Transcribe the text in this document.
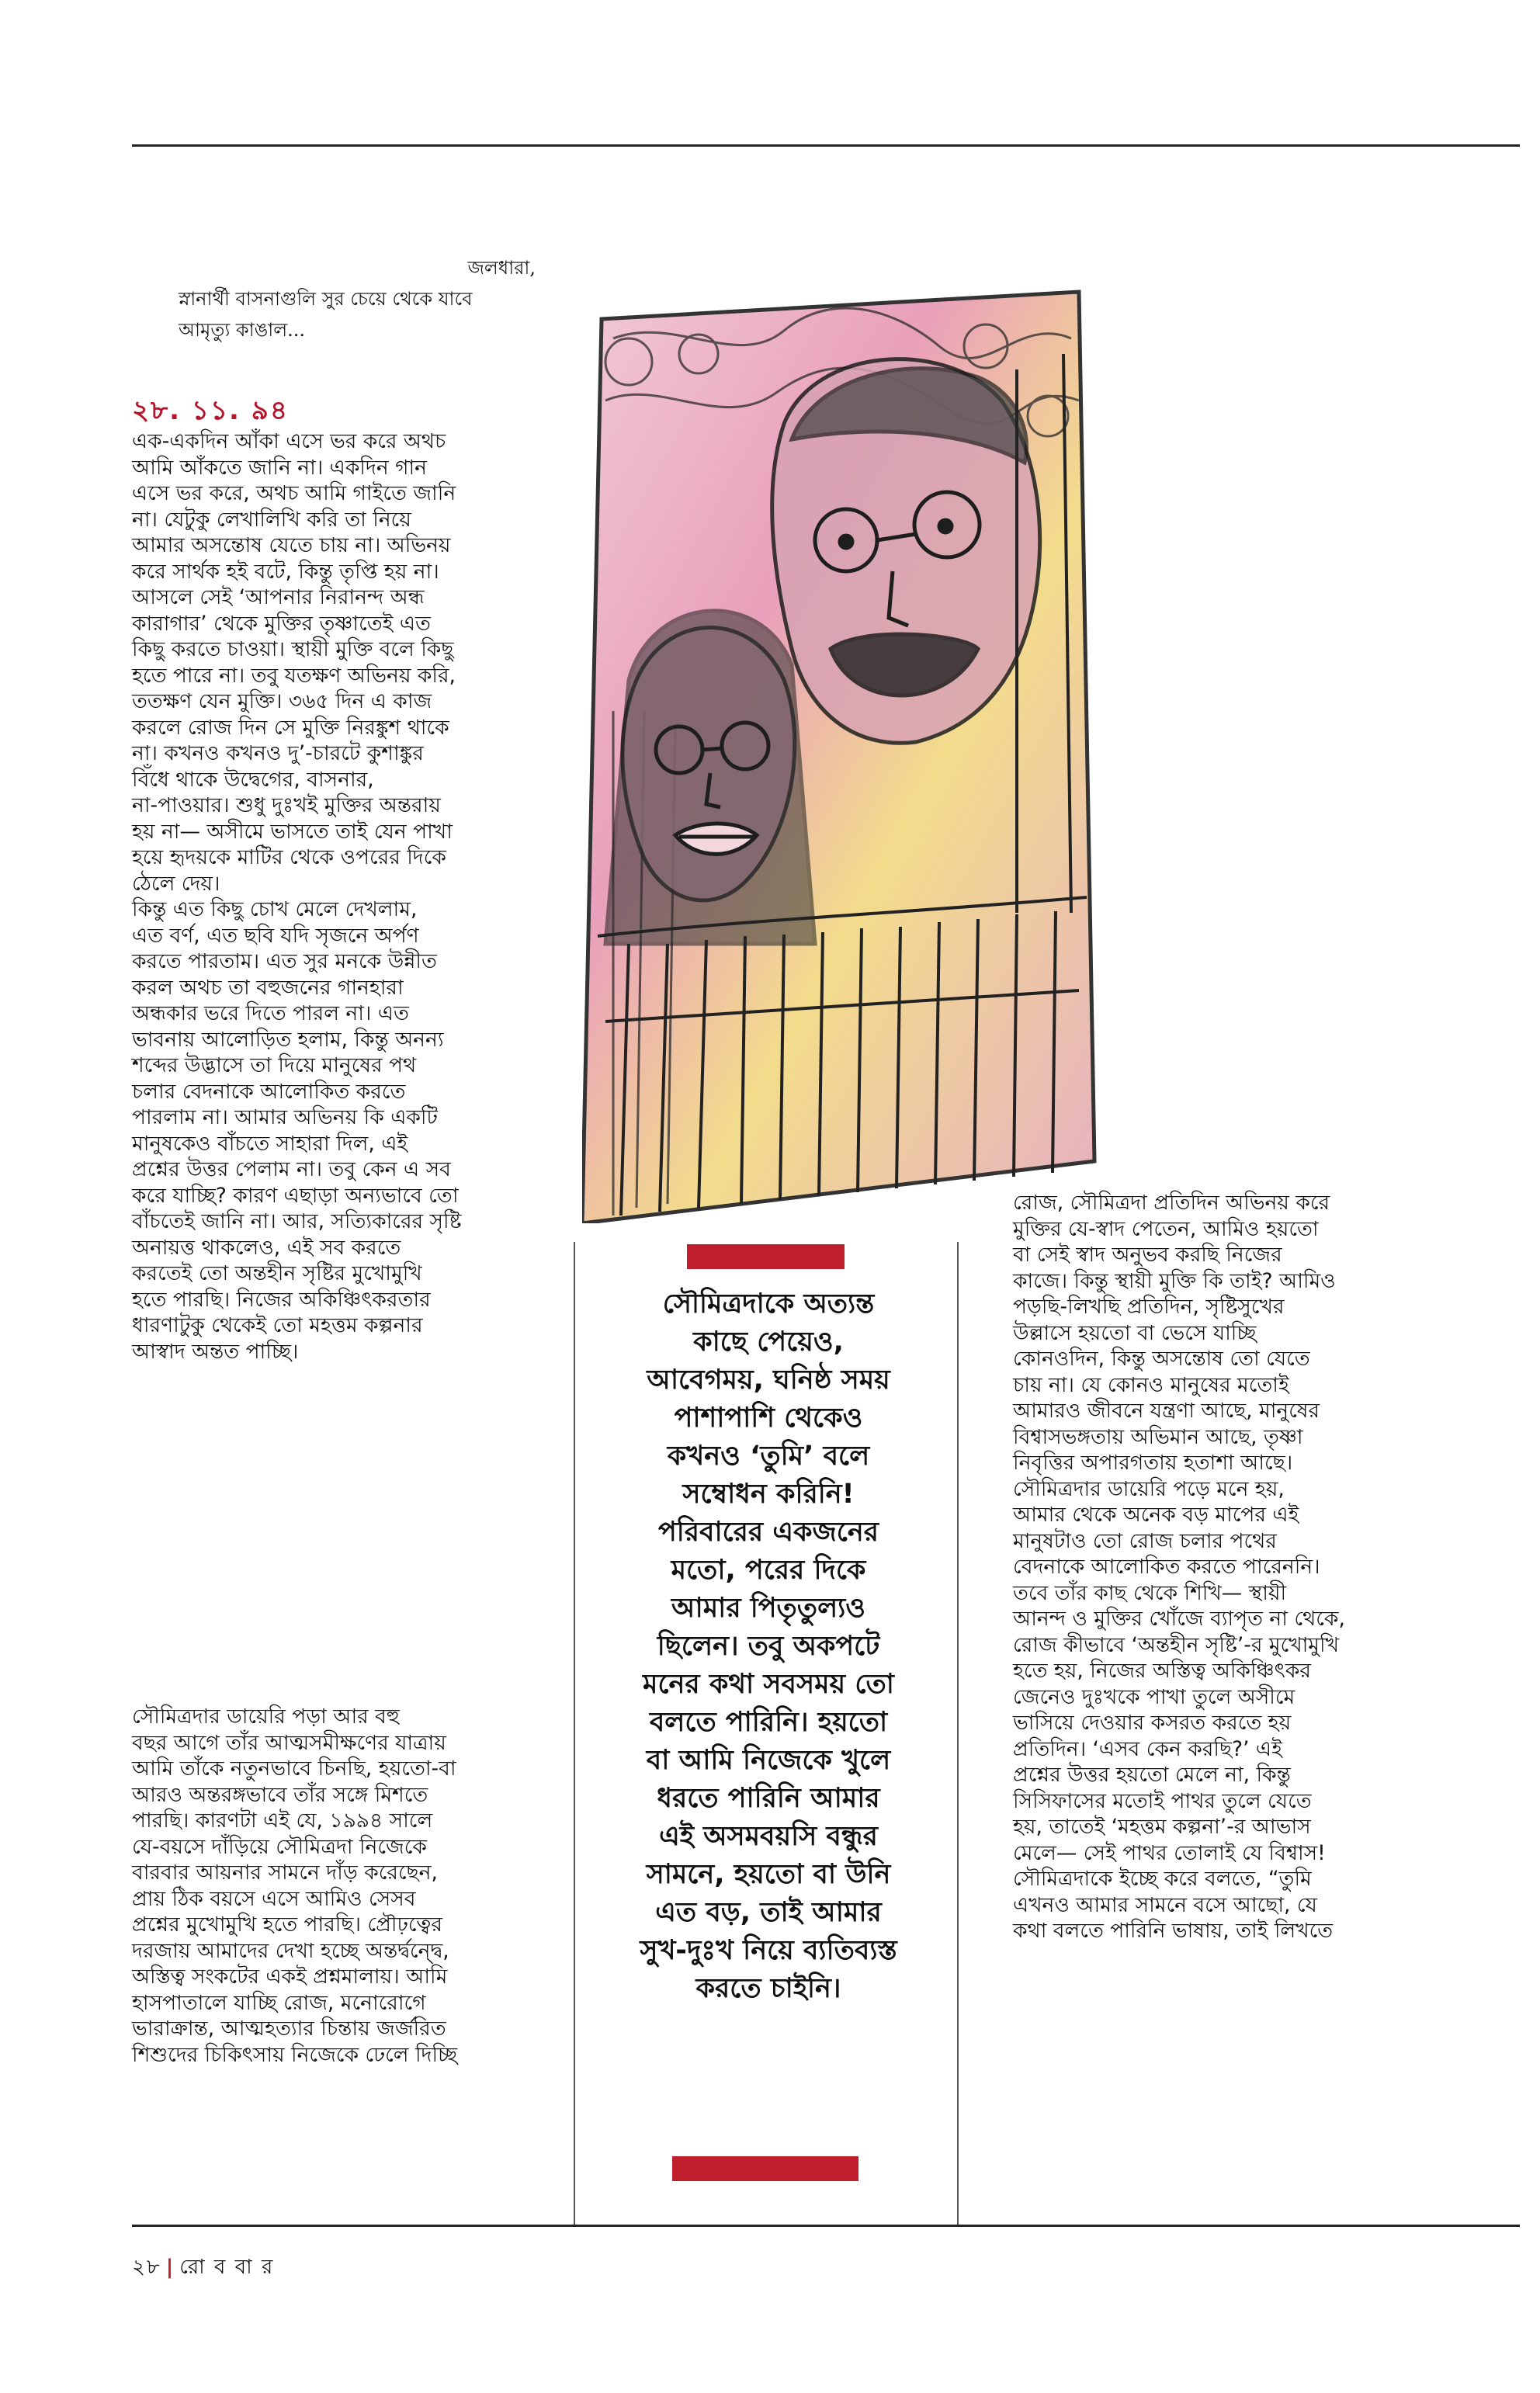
জলধারা,

স্নানার্থী বাসনাগুলি সুর চেয়ে থেকে যাবে

আমৃত্যু কাঙাল...

২৮. ১১. ৯৪

এক-একদিন আঁকা এসে ভর করে অথচ

আমি আঁকতে জানি না। একদিন গান

এসে ভর করে, অথচ আমি গাইতে জানি

না। যেটুকু লেখালিখি করি তা নিয়ে

আমার অসন্তোষ যেতে চায় না। অভিনয়

করে সার্থক হই বটে, কিন্তু তৃপ্তি হয় না।

আসলে সেই ‘আপনার নিরানন্দ অন্ধ

কারাগার’ থেকে মুক্তির তৃষ্ণাতেই এত

কিছু করতে চাওয়া। স্থায়ী মুক্তি বলে কিছু

হতে পারে না। তবু যতক্ষণ অভিনয় করি,

ততক্ষণ যেন মুক্তি। ৩৬৫ দিন এ কাজ

করলে রোজ দিন সে মুক্তি নিরঙ্কুশ থাকে

না। কখনও কখনও দু’-চারটে কুশাঙ্কুর

বিঁধে থাকে উদ্বেগের, বাসনার,

না-পাওয়ার। শুধু দুঃখই মুক্তির অন্তরায়

হয় না— অসীমে ভাসতে তাই যেন পাখা

হয়ে হৃদয়কে মাটির থেকে ওপরের দিকে

ঠেলে দেয়।

কিন্তু এত কিছু চোখ মেলে দেখলাম,

এত বর্ণ, এত ছবি যদি সৃজনে অর্পণ

করতে পারতাম। এত সুর মনকে উন্নীত

করল অথচ তা বহুজনের গানহারা

অন্ধকার ভরে দিতে পারল না। এত

ভাবনায় আলোড়িত হলাম, কিন্তু অনন্য

শব্দের উদ্ভাসে তা দিয়ে মানুষের পথ

চলার বেদনাকে আলোকিত করতে

পারলাম না। আমার অভিনয় কি একটি

মানুষকেও বাঁচতে সাহারা দিল, এই

প্রশ্নের উত্তর পেলাম না। তবু কেন এ সব

করে যাচ্ছি? কারণ এছাড়া অন্যভাবে তো

বাঁচতেই জানি না। আর, সত্যিকারের সৃষ্টি

অনায়ত্ত থাকলেও, এই সব করতে

করতেই তো অন্তহীন সৃষ্টির মুখোমুখি

হতে পারছি। নিজের অকিঞ্চিৎকরতার

ধারণাটুকু থেকেই তো মহত্তম কল্পনার

আস্বাদ অন্তত পাচ্ছি।

সৌমিত্রদার ডায়েরি পড়া আর বহু

বছর আগে তাঁর আত্মসমীক্ষণের যাত্রায়

আমি তাঁকে নতুনভাবে চিনছি, হয়তো-বা

আরও অন্তরঙ্গভাবে তাঁর সঙ্গে মিশতে

পারছি। কারণটা এই যে, ১৯৯৪ সালে

যে-বয়সে দাঁড়িয়ে সৌমিত্রদা নিজেকে

বারবার আয়নার সামনে দাঁড় করেছেন,

প্রায় ঠিক বয়সে এসে আমিও সেসব

প্রশ্নের মুখোমুখি হতে পারছি। প্রৌঢ়ত্বের

দরজায় আমাদের দেখা হচ্ছে অন্তর্দ্বন্দ্বে,

অস্তিত্ব সংকটের একই প্রশ্নমালায়। আমি

হাসপাতালে যাচ্ছি রোজ, মনোরোগে

ভারাক্রান্ত, আত্মহত্যার চিন্তায় জর্জরিত

শিশুদের চিকিৎসায় নিজেকে ঢেলে দিচ্ছি

সৌমিত্রদাকে অত্যন্ত
কাছে পেয়েও,
আবেগময়, ঘনিষ্ঠ সময়
পাশাপাশি থেকেও
কখনও ‘তুমি’ বলে
সম্বোধন করিনি!
পরিবারের একজনের
মতো, পরের দিকে
আমার পিতৃতুল্যও
ছিলেন। তবু অকপটে
মনের কথা সবসময় তো
বলতে পারিনি। হয়তো
বা আমি নিজেকে খুলে
ধরতে পারিনি আমার
এই অসমবয়সি বন্ধুর
সামনে, হয়তো বা উনি
এত বড়, তাই আমার
সুখ-দুঃখ নিয়ে ব্যতিব্যস্ত
করতে চাইনি।

রোজ, সৌমিত্রদা প্রতিদিন অভিনয় করে

মুক্তির যে-স্বাদ পেতেন, আমিও হয়তো

বা সেই স্বাদ অনুভব করছি নিজের

কাজে। কিন্তু স্থায়ী মুক্তি কি তাই? আমিও

পড়ছি-লিখছি প্রতিদিন, সৃষ্টিসুখের

উল্লাসে হয়তো বা ভেসে যাচ্ছি

কোনওদিন, কিন্তু অসন্তোষ তো যেতে

চায় না। যে কোনও মানুষের মতোই

আমারও জীবনে যন্ত্রণা আছে, মানুষের

বিশ্বাসভঙ্গতায় অভিমান আছে, তৃষ্ণা

নিবৃত্তির অপারগতায় হতাশা আছে।

সৌমিত্রদার ডায়েরি পড়ে মনে হয়,

আমার থেকে অনেক বড় মাপের এই

মানুষটাও তো রোজ চলার পথের

বেদনাকে আলোকিত করতে পারেননি।

তবে তাঁর কাছ থেকে শিখি— স্থায়ী

আনন্দ ও মুক্তির খোঁজে ব্যাপৃত না থেকে,

রোজ কীভাবে ‘অন্তহীন সৃষ্টি’-র মুখোমুখি

হতে হয়, নিজের অস্তিত্ব অকিঞ্চিৎকর

জেনেও দুঃখকে পাখা তুলে অসীমে

ভাসিয়ে দেওয়ার কসরত করতে হয়

প্রতিদিন। ‘এসব কেন করছি?’ এই

প্রশ্নের উত্তর হয়তো মেলে না, কিন্তু

সিসিফাসের মতোই পাথর তুলে যেতে

হয়, তাতেই ‘মহত্তম কল্পনা’-র আভাস

মেলে— সেই পাথর তোলাই যে বিশ্বাস!

সৌমিত্রদাকে ইচ্ছে করে বলতে, “তুমি

এখনও আমার সামনে বসে আছো, যে

কথা বলতে পারিনি ভাষায়, তাই লিখতে

২৮ | রো ব বা র
